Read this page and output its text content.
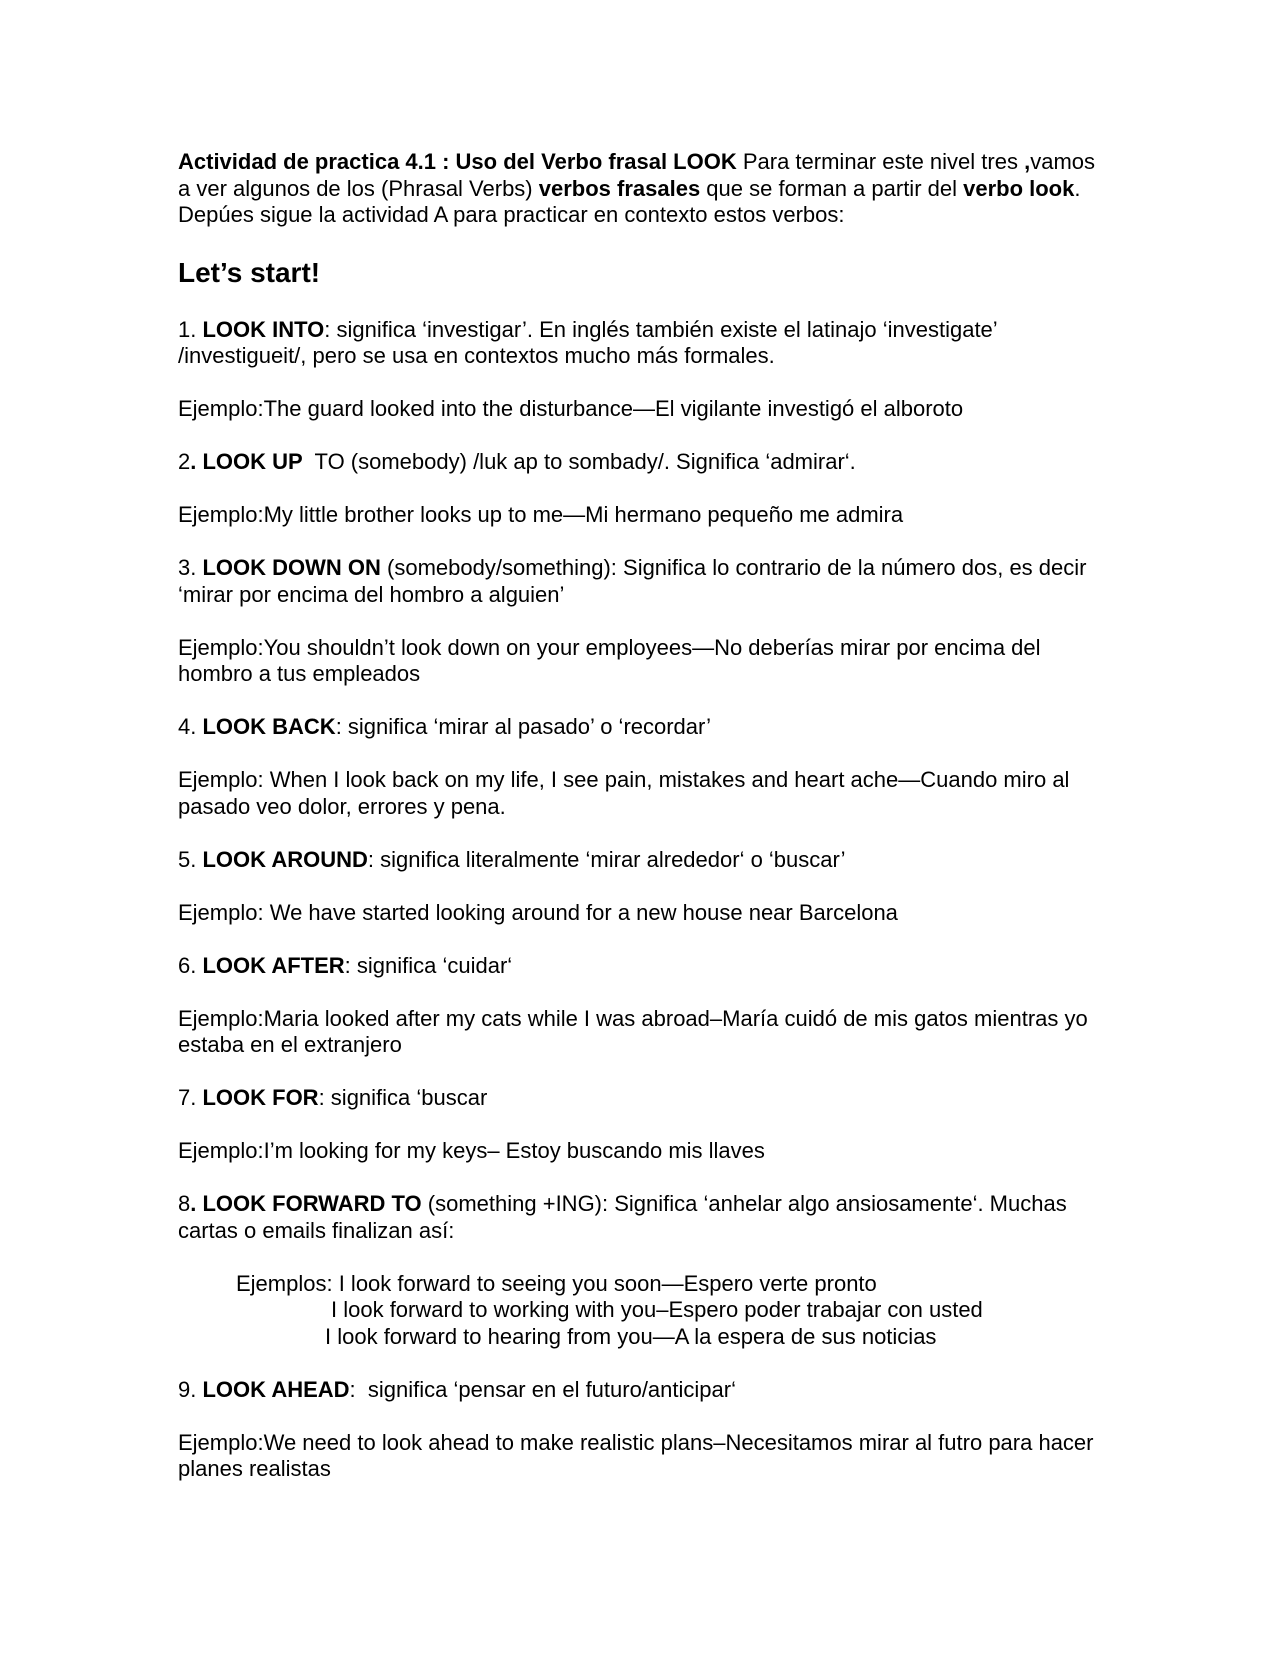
Actividad de practica 4.1 : Uso del Verbo frasal LOOK Para terminar este nivel tres ,vamos a ver algunos de los (Phrasal Verbs) verbos frasales que se forman a partir del verbo look. Depúes sigue la actividad A para practicar en contexto estos verbos:

Let’s start!

1. LOOK INTO: significa ‘investigar’. En inglés también existe el latinajo ‘investigate’ /investigueit/, pero se usa en contextos mucho más formales.

Ejemplo:The guard looked into the disturbance—El vigilante investigó el alboroto

2. LOOK UP  TO (somebody) /luk ap to sombady/. Significa ‘admirar‘.

Ejemplo:My little brother looks up to me—Mi hermano pequeño me admira

3. LOOK DOWN ON (somebody/something): Significa lo contrario de la número dos, es decir ‘mirar por encima del hombro a alguien’

Ejemplo:You shouldn’t look down on your employees—No deberías mirar por encima del hombro a tus empleados

4. LOOK BACK: significa ‘mirar al pasado’ o ‘recordar’

Ejemplo: When I look back on my life, I see pain, mistakes and heart ache—Cuando miro al pasado veo dolor, errores y pena.

5. LOOK AROUND: significa literalmente ‘mirar alrededor‘ o ‘buscar’

Ejemplo: We have started looking around for a new house near Barcelona

6. LOOK AFTER: significa ‘cuidar‘

Ejemplo:Maria looked after my cats while I was abroad–María cuidó de mis gatos mientras yo estaba en el extranjero

7. LOOK FOR: significa ‘buscar

Ejemplo:I’m looking for my keys– Estoy buscando mis llaves

8. LOOK FORWARD TO (something +ING): Significa ‘anhelar algo ansiosamente‘. Muchas cartas o emails finalizan así:

Ejemplos: I look forward to seeing you soon—Espero verte pronto

I look forward to working with you–Espero poder trabajar con usted

I look forward to hearing from you—A la espera de sus noticias

9. LOOK AHEAD:  significa ‘pensar en el futuro/anticipar‘

Ejemplo:We need to look ahead to make realistic plans–Necesitamos mirar al futro para hacer planes realistas
